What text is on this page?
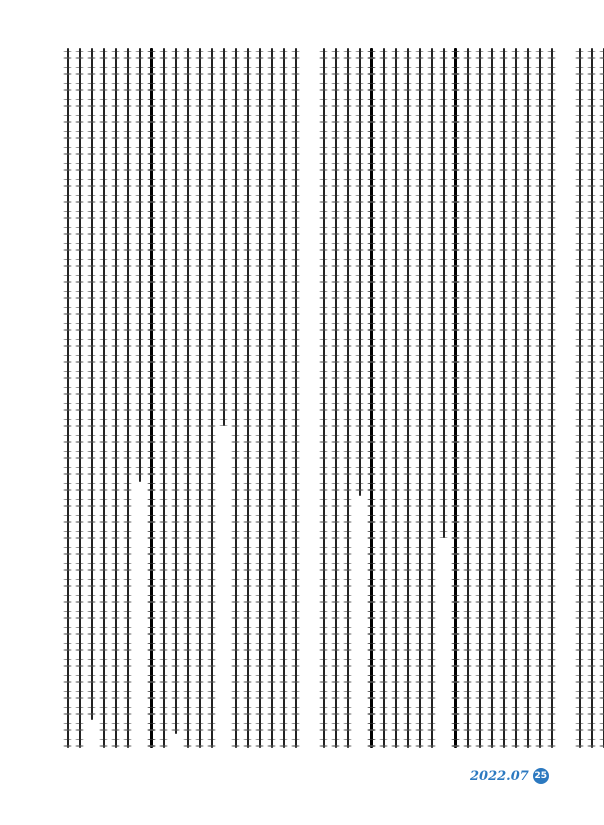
2022.07 25
